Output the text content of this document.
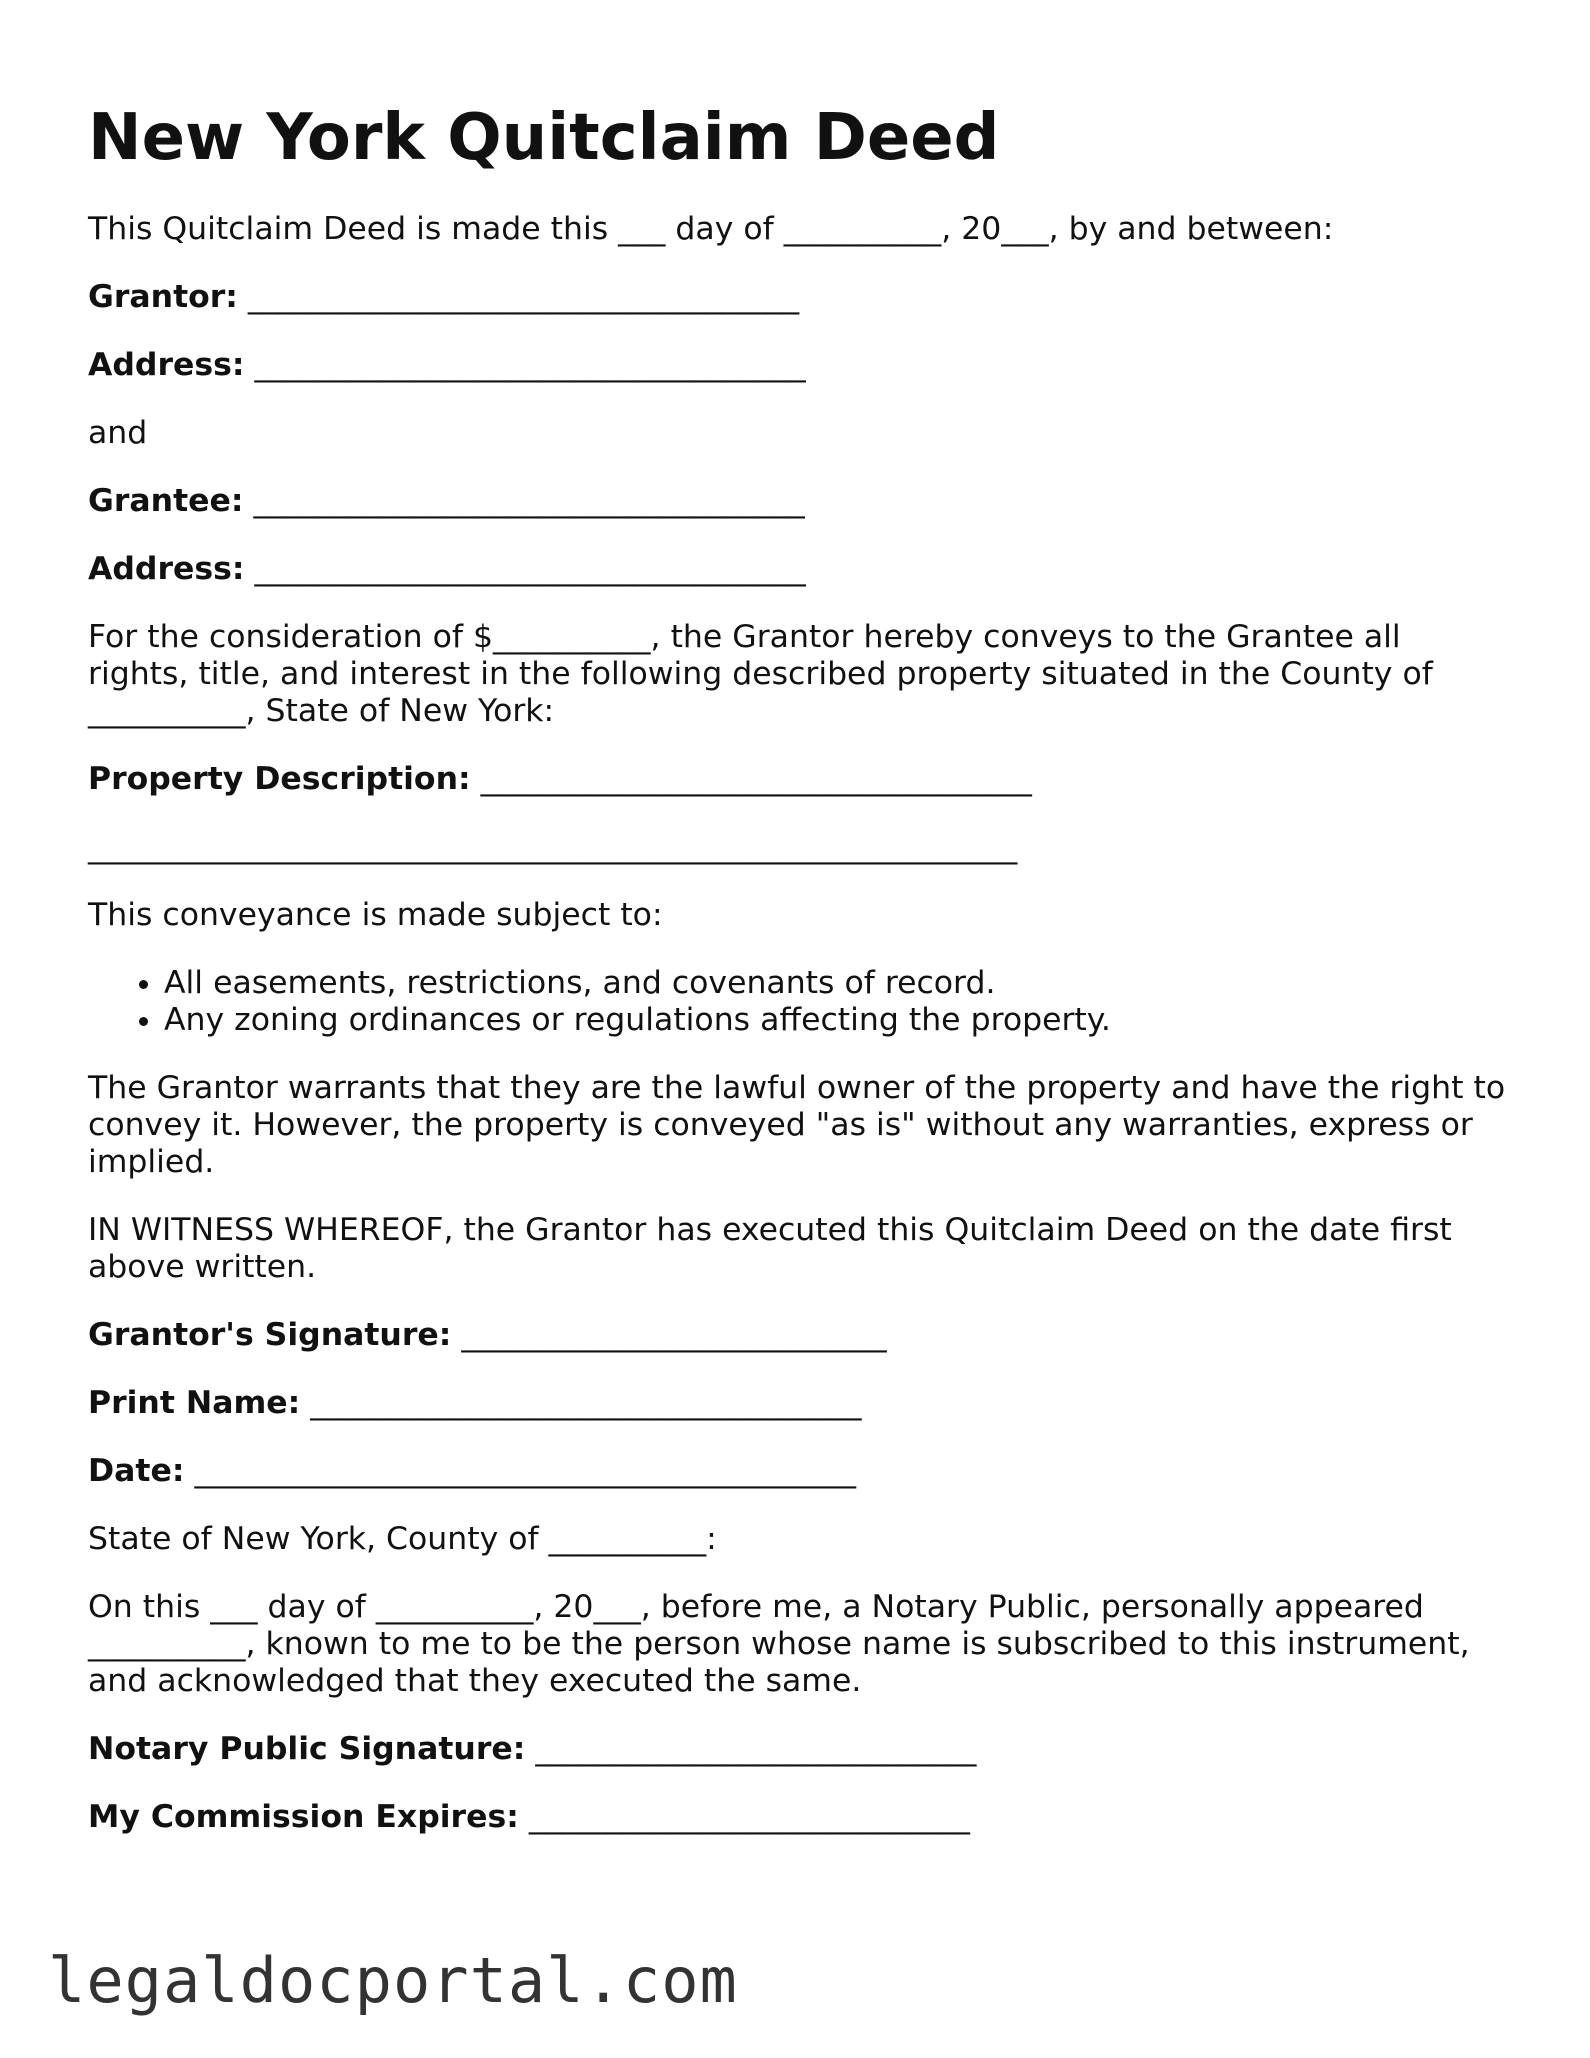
New York Quitclaim Deed

This Quitclaim Deed is made this ___ day of __________, 20___, by and between:

Grantor: ___________________________________

Address: ___________________________________

and

Grantee: ___________________________________

Address: ___________________________________

For the consideration of $__________, the Grantor hereby conveys to the Grantee all rights, title, and interest in the following described property situated in the County of __________, State of New York:

Property Description: ___________________________________

___________________________________________________________

This conveyance is made subject to:

• All easements, restrictions, and covenants of record.
• Any zoning ordinances or regulations affecting the property.

The Grantor warrants that they are the lawful owner of the property and have the right to convey it. However, the property is conveyed "as is" without any warranties, express or implied.

IN WITNESS WHEREOF, the Grantor has executed this Quitclaim Deed on the date first above written.

Grantor's Signature: ___________________________

Print Name: ___________________________________

Date: __________________________________________

State of New York, County of __________:

On this ___ day of __________, 20___, before me, a Notary Public, personally appeared __________, known to me to be the person whose name is subscribed to this instrument, and acknowledged that they executed the same.

Notary Public Signature: ____________________________

My Commission Expires: ____________________________

legaldocportal.com
